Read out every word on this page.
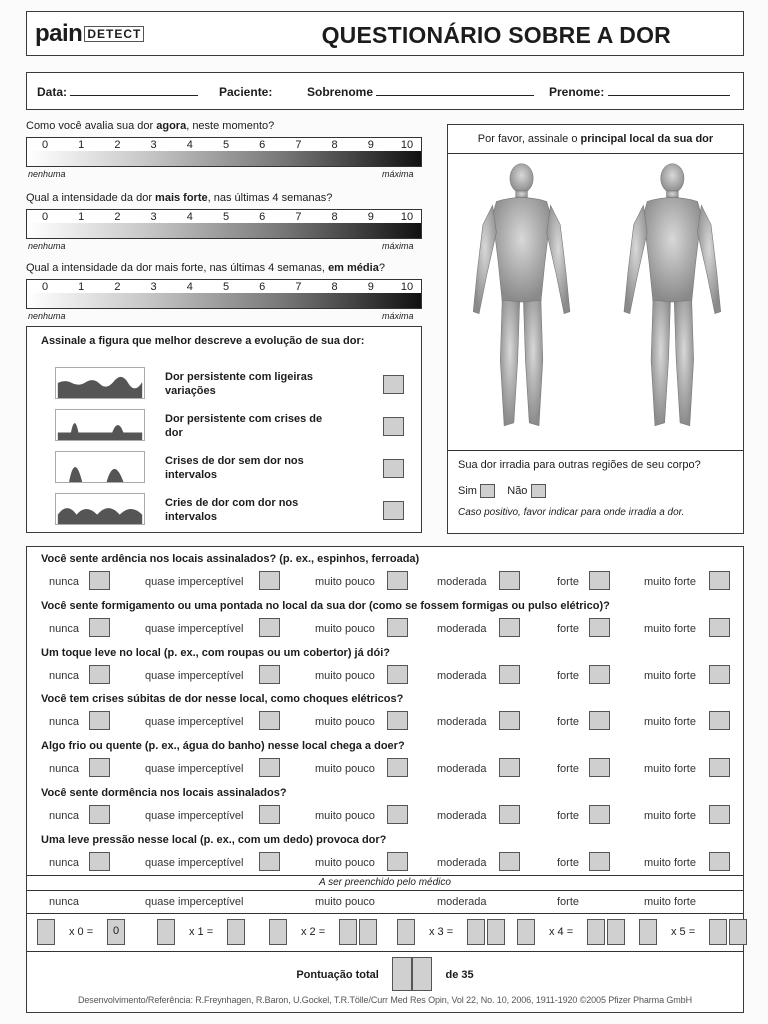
pain DETECT	QUESTIONÁRIO SOBRE A DOR
Data:	Paciente:	Sobrenome	Prenome:
Como você avalia sua dor agora, neste momento?
0	1	2	3	4	5	6	7	8	9	10
nenhuma	máxima
Qual a intensidade da dor mais forte, nas últimas 4 semanas?
0	1	2	3	4	5	6	7	8	9	10
nenhuma	máxima
Qual a intensidade da dor mais forte, nas últimas 4 semanas, em média?
0	1	2	3	4	5	6	7	8	9	10
nenhuma	máxima
Assinale a figura que melhor descreve a evolução de sua dor:
Dor persistente com ligeiras variações
Dor persistente com crises de dor
Crises de dor sem dor nos intervalos
Cries de dor com dor nos intervalos
Por favor, assinale o principal local da sua dor
Sua dor irradia para outras regiões de seu corpo?
Sim	Não
Caso positivo, favor indicar para onde irradia a dor.
Você sente ardência nos locais assinalados? (p. ex., espinhos, ferroada)
nunca	quase imperceptível	muito pouco	moderada	forte	muito forte
Você sente formigamento ou uma pontada no local da sua dor (como se fossem formigas ou pulso elétrico)?
nunca	quase imperceptível	muito pouco	moderada	forte	muito forte
Um toque leve no local (p. ex., com roupas ou um cobertor) já dói?
nunca	quase imperceptível	muito pouco	moderada	forte	muito forte
Você tem crises súbitas de dor nesse local, como choques elétricos?
nunca	quase imperceptível	muito pouco	moderada	forte	muito forte
Algo frio ou quente (p. ex., água do banho) nesse local chega a doer?
nunca	quase imperceptível	muito pouco	moderada	forte	muito forte
Você sente dormência nos locais assinalados?
nunca	quase imperceptível	muito pouco	moderada	forte	muito forte
Uma leve pressão nesse local (p. ex., com um dedo) provoca dor?
nunca	quase imperceptível	muito pouco	moderada	forte	muito forte
A ser preenchido pelo médico
nunca	quase imperceptível	muito pouco	moderada	forte	muito forte
x 0 =	0	x 1 =	x 2 =	x 3 =	x 4 =	x 5 =
Pontuação total	de 35
Desenvolvimento/Referência: R.Freynhagen, R.Baron, U.Gockel, T.R.Tölle/Curr Med Res Opin, Vol 22, No. 10, 2006, 1911-1920 ©2005 Pfizer Pharma GmbH
